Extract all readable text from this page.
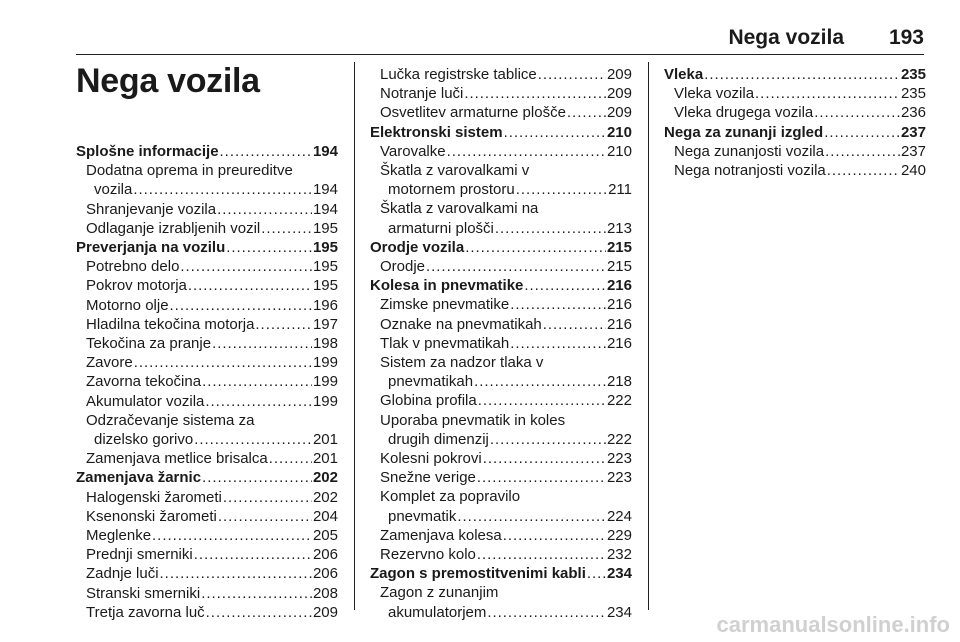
Nega vozila 193
Nega vozila
Splošne informacije . . .	194
Dodatna oprema in preureditve
vozila . . .	194
Shranjevanje vozila . . .	194
Odlaganje izrabljenih vozil . . .	195
Preverjanja na vozilu . . .	195
Potrebno delo . . .	195
Pokrov motorja . . .	195
Motorno olje . . .	196
Hladilna tekočina motorja . . .	197
Tekočina za pranje . . .	198
Zavore . . .	199
Zavorna tekočina . . .	199
Akumulator vozila . . .	199
Odzračevanje sistema za
dizelsko gorivo . . .	201
Zamenjava metlice brisalca . . .	201
Zamenjava žarnic . . .	202
Halogenski žarometi . . .	202
Ksenonski žarometi . . .	204
Meglenke . . .	205
Prednji smerniki . . .	206
Zadnje luči . . .	206
Stranski smerniki . . .	208
Tretja zavorna luč . . .	209
Lučka registrske tablice . . .	209
Notranje luči . . .	209
Osvetlitev armaturne plošče . . .	209
Elektronski sistem . . .	210
Varovalke . . .	210
Škatla z varovalkami v
motornem prostoru . . .	211
Škatla z varovalkami na
armaturni plošči . . .	213
Orodje vozila . . .	215
Orodje . . .	215
Kolesa in pnevmatike . . .	216
Zimske pnevmatike . . .	216
Oznake na pnevmatikah . . .	216
Tlak v pnevmatikah . . .	216
Sistem za nadzor tlaka v
pnevmatikah . . .	218
Globina profila . . .	222
Uporaba pnevmatik in koles
drugih dimenzij . . .	222
Kolesni pokrovi . . .	223
Snežne verige . . .	223
Komplet za popravilo
pnevmatik . . .	224
Zamenjava kolesa . . .	229
Rezervno kolo . . .	232
Zagon s premostitvenimi kabli . . . 234
Zagon z zunanjim
akumulatorjem . . .	234
Vleka . . .	235
Vleka vozila . . .	235
Vleka drugega vozila . . .	236
Nega za zunanji izgled . . .	237
Nega zunanjosti vozila . . .	237
Nega notranjosti vozila . . .	240
carmanualsonline.info
